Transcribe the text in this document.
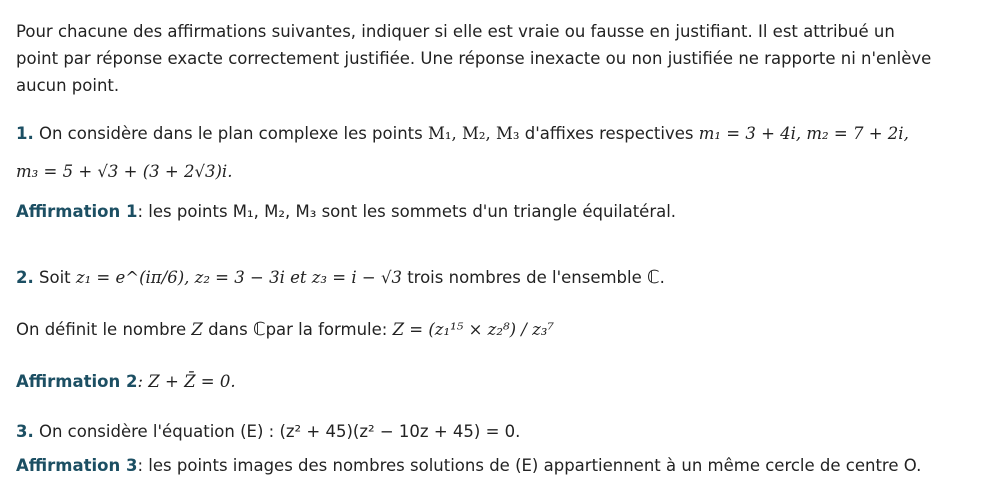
Pour chacune des affirmations suivantes, indiquer si elle est vraie ou fausse en justifiant. Il est attribué un
point par réponse exacte correctement justifiée. Une réponse inexacte ou non justifiée ne rapporte ni n'enlève
aucun point.
1. On considère dans le plan complexe les points M₁, M₂, M₃ d'affixes respectives m₁ = 3 + 4i, m₂ = 7 + 2i,
m₃ = 5 + √3 + (3 + 2√3)i.
Affirmation 1: les points M₁, M₂, M₃ sont les sommets d'un triangle équilatéral.
2. Soit z₁ = e^(iπ/6), z₂ = 3 − 3i et z₃ = i − √3 trois nombres de l'ensemble ℂ.
On définit le nombre Z dans ℂpar la formule: Z = (z₁¹⁵ × z₂⁸) / z₃⁷
Affirmation 2: Z + Z̄ = 0.
3. On considère l'équation (E) : (z² + 45)(z² − 10z + 45) = 0.
Affirmation 3: les points images des nombres solutions de (E) appartiennent à un même cercle de centre O.
